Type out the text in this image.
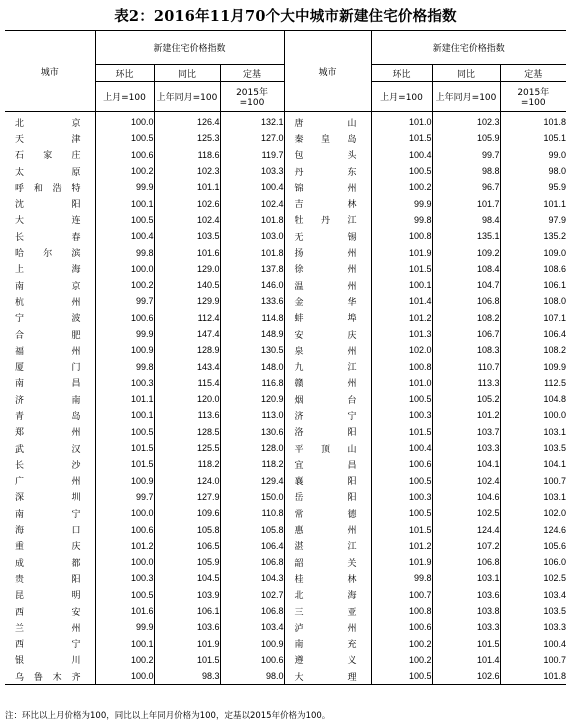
表2：2016年11月70个大中城市新建住宅价格指数
城市	新建住宅价格指数			城市	新建住宅价格指数		
	环比	同比	定基		环比	同比	定基
	上月=100	上年同月=100	2015年=100		上月=100	上年同月=100	2015年=100
北　京	100.0	126.4	132.1	唐　山	101.0	102.3	101.8
天　津	100.5	125.3	127.0	秦皇岛	101.5	105.9	105.1
石家庄	100.6	118.6	119.7	包　头	100.4	99.7	99.0
太　原	100.2	102.3	103.3	丹　东	100.5	98.8	98.0
呼和浩特	99.9	101.1	100.4	锦　州	100.2	96.7	95.9
沈　阳	100.1	102.6	102.4	吉　林	99.9	101.7	101.1
大　连	100.5	102.4	101.8	牡丹江	99.8	98.4	97.9
长　春	100.4	103.5	103.0	无　锡	100.8	135.1	135.2
哈尔滨	99.8	101.6	101.8	扬　州	101.9	109.2	109.0
上　海	100.0	129.0	137.8	徐　州	101.5	108.4	108.6
南　京	100.2	140.5	146.0	温　州	100.1	104.7	106.1
杭　州	99.7	129.9	133.6	金　华	101.4	106.8	108.0
宁　波	100.6	112.4	114.8	蚌　埠	101.2	108.2	107.1
合　肥	99.9	147.4	148.9	安　庆	101.3	106.7	106.4
福　州	100.9	128.9	130.5	泉　州	102.0	108.3	108.2
厦　门	99.8	143.4	148.0	九　江	100.8	110.7	109.9
南　昌	100.3	115.4	116.8	赣　州	101.0	113.3	112.5
济　南	101.1	120.0	120.9	烟　台	100.5	105.2	104.8
青　岛	100.1	113.6	113.0	济　宁	100.3	101.2	100.0
郑　州	100.5	128.5	130.6	洛　阳	101.5	103.7	103.1
武　汉	101.5	125.5	128.0	平顶山	100.4	103.3	103.5
长　沙	101.5	118.2	118.2	宜　昌	100.6	104.1	104.1
广　州	100.9	124.0	129.4	襄　阳	100.5	102.4	100.7
深　圳	99.7	127.9	150.0	岳　阳	100.3	104.6	103.1
南　宁	100.0	109.6	110.8	常　德	100.5	102.5	102.0
海　口	100.6	105.8	105.8	惠　州	101.5	124.4	124.6
重　庆	101.2	106.5	106.4	湛　江	101.2	107.2	105.6
成　都	100.0	105.9	106.8	韶　关	101.9	106.8	106.0
贵　阳	100.3	104.5	104.3	桂　林	99.8	103.1	102.5
昆　明	100.5	103.9	102.7	北　海	100.7	103.6	103.4
西　安	101.6	106.1	106.8	三　亚	100.8	103.8	103.5
兰　州	99.9	103.6	103.4	泸　州	100.6	103.3	103.3
西　宁	100.1	101.9	100.9	南　充	100.2	101.5	100.4
银　川	100.2	101.5	100.6	遵　义	100.2	101.4	100.7
乌鲁木齐	100.0	98.3	98.0	大　理	100.5	102.6	101.8
注：环比以上月价格为100，同比以上年同月价格为100，定基以2015年价格为100。
